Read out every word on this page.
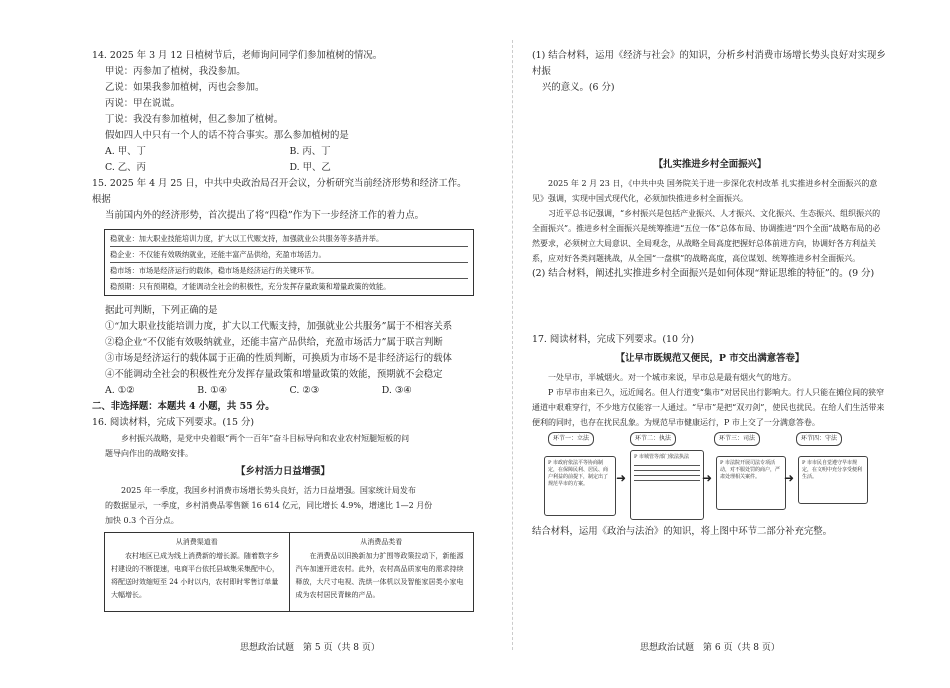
14. 2025 年 3 月 12 日植树节后，老师询问同学们参加植树的情况。

甲说：丙参加了植树，我没参加。

乙说：如果我参加植树，丙也会参加。

丙说：甲在说谎。

丁说：我没有参加植树，但乙参加了植树。

假如四人中只有一个人的话不符合事实。那么参加植树的是

A. 甲、丁	B. 丙、丁
C. 乙、丙	D. 甲、乙

15. 2025 年 4 月 25 日，中共中央政治局召开会议，分析研究当前经济形势和经济工作。根据

当前国内外的经济形势，首次提出了将“四稳”作为下一步经济工作的着力点。

稳就业：加大职业技能培训力度，扩大以工代赈支持，加强就业公共服务等多措并举。

稳企业：不仅能有效吸纳就业，还能丰富产品供给，充盈市场活力。

稳市场：市场是经济运行的载体，稳市场是经济运行的关键环节。

稳预期：只有预期稳，才能调动全社会的积极性，充分发挥存量政策和增量政策的效能。

据此可判断，下列正确的是

①“加大职业技能培训力度，扩大以工代赈支持，加强就业公共服务”属于不相容关系

②稳企业“不仅能有效吸纳就业，还能丰富产品供给，充盈市场活力”属于联言判断

③市场是经济运行的载体属于正确的性质判断，可换质为市场不是非经济运行的载体

④不能调动全社会的积极性充分发挥存量政策和增量政策的效能，预期就不会稳定

A. ①②	B. ①④	C. ②③	D. ③④

二、非选择题：本题共 4 小题，共 55 分。

16. 阅读材料，完成下列要求。(15 分)

乡村振兴战略，是党中央着眼“两个一百年”奋斗目标导向和农业农村短腿短板的问

题导向作出的战略安排。

【乡村活力日益增强】

2025 年一季度，我国乡村消费市场增长势头良好，活力日益增强。国家统计局发布

的数据显示，一季度，乡村消费品零售额 16 614 亿元，同比增长 4.9%，增速比 1—2 月份

加快 0.3 个百分点。

从消费渠道看
农村地区已成为线上消费新的增长源。随着数字乡村建设的不断提速，电商平台依托县域集采集配中心，将配送时效缩短至 24 小时以内，农村即时零售订单量大幅增长。
从消费品类看
在消费品以旧换新加力扩围等政策拉动下，新能源汽车加速开进农村。此外，农村高品质家电的需求持续释放，大尺寸电视、洗烘一体机以及智能家居类小家电成为农村居民青睐的产品。

(1) 结合材料，运用《经济与社会》的知识，分析乡村消费市场增长势头良好对实现乡村振

兴的意义。(6 分)

【扎实推进乡村全面振兴】

2025 年 2 月 23 日，《中共中央 国务院关于进一步深化农村改革 扎实推进乡村全面振兴的意见》强调，实现中国式现代化，必须加快推进乡村全面振兴。

习近平总书记强调，“乡村振兴是包括产业振兴、人才振兴、文化振兴、生态振兴、组织振兴的全面振兴”。推进乡村全面振兴是统筹推进“五位一体”总体布局、协调推进“四个全面”战略布局的必然要求，必须树立大局意识、全局观念，从战略全局高度把握好总体前进方向，协调好各方利益关系，应对好各类问题挑战，从全国“一盘棋”的战略高度，高位谋划、统筹推进乡村全面振兴。

(2) 结合材料，阐述扎实推进乡村全面振兴是如何体现“辩证思维的特征”的。(9 分)

17. 阅读材料，完成下列要求。(10 分)

【让早市既规范又便民，P 市交出满意答卷】

一处早市，半城烟火。对一个城市来说，早市总是最有烟火气的地方。

P 市早市由来已久，远近闻名。但人行道变“集市”对居民出行影响大。行人只能在摊位间的狭窄通道中艰难穿行，不少地方仅能容一人通过。“早市”是把“双刃剑”，使民也扰民。在给人们生活带来便利的同时，也存在扰民乱象。为规范早市健康运行，P 市上交了一分满意答卷。

环节一：立法	环节二：执法	环节三：司法	环节四：守法
P 市政府依法平等协商制定，在保障民利、居民、商户利益的前提下，制定出了规范早市的方案。	➜
P 市城管等部门依法执法
➜
P 市法院开展司法专项活动，对不服处罚的商户，严肃处理相关案件。	➜
P 市市民自觉遵守早市规定，在文明中充分享受便利生活。

结合材料，运用《政治与法治》的知识，将上图中环节二部分补充完整。

思想政治试题　第 5 页（共 8 页）	思想政治试题　第 6 页（共 8 页）
